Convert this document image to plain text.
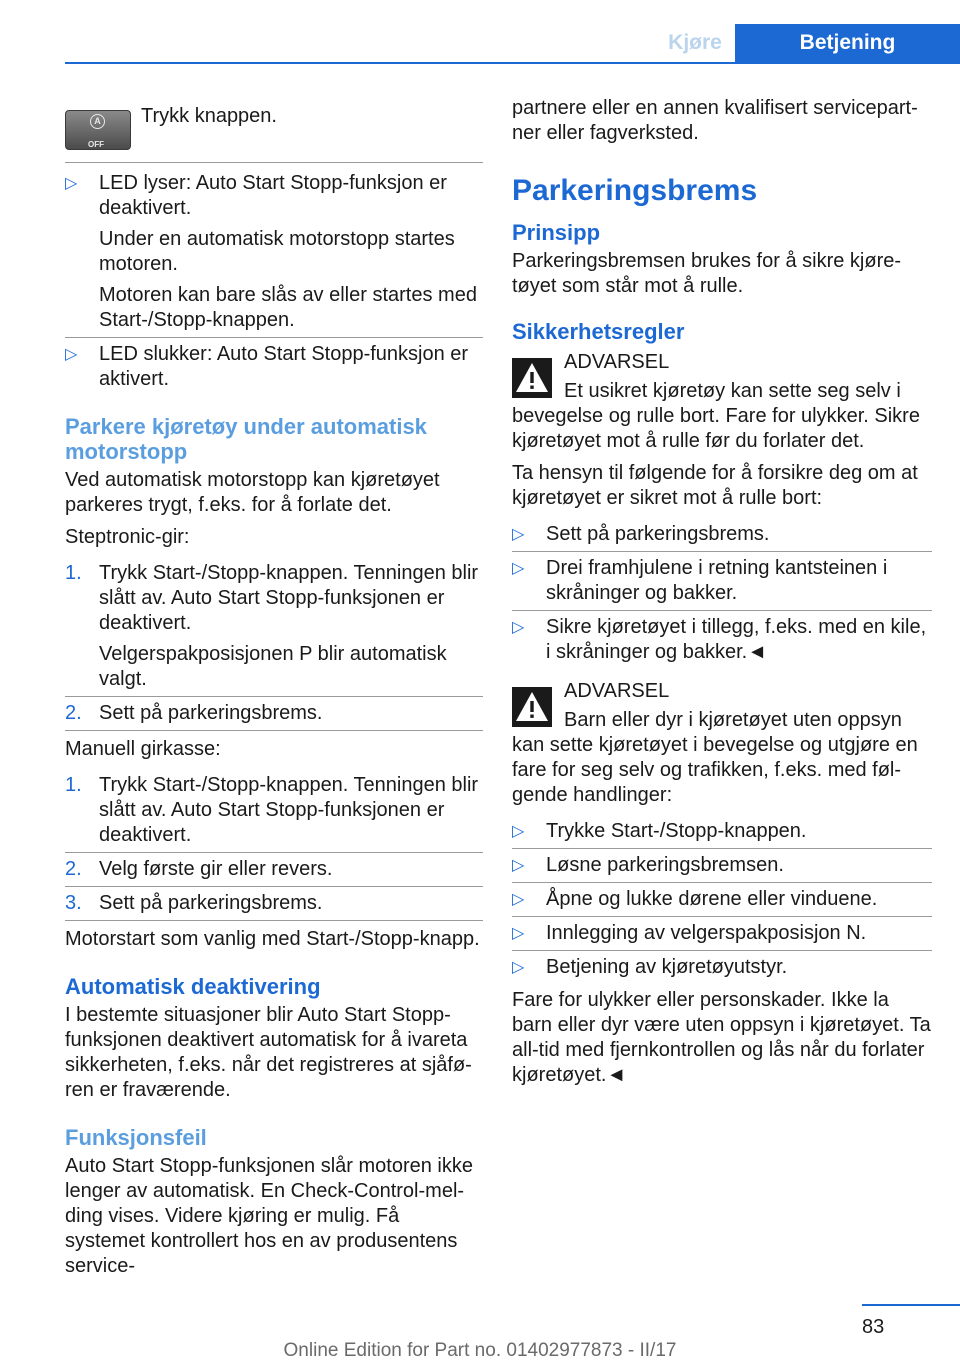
Kjøre	Betjening
A
OFF
Trykk knappen.
▷ LED lyser: Auto Start Stopp-funksjon er deaktivert.
Under en automatisk motorstopp startes motoren.
Motoren kan bare slås av eller startes med Start-/Stopp-knappen.
▷ LED slukker: Auto Start Stopp-funksjon er aktivert.
Parkere kjøretøy under automatisk motorstopp

Ved automatisk motorstopp kan kjøretøyet parkeres trygt, f.eks. for å forlate det.

Steptronic-gir:

1. Trykk Start-/Stopp-knappen. Tenningen blir slått av. Auto Start Stopp-funksjonen er deaktivert.
Velgerspakposisjonen P blir automatisk valgt.
2. Sett på parkeringsbrems.

Manuell girkasse:

1. Trykk Start-/Stopp-knappen. Tenningen blir slått av. Auto Start Stopp-funksjonen er deaktivert.
2. Velg første gir eller revers.
3. Sett på parkeringsbrems.

Motorstart som vanlig med Start-/Stopp-knapp.

Automatisk deaktivering

I bestemte situasjoner blir Auto Start Stopp-funksjonen deaktivert automatisk for å ivareta sikkerheten, f.eks. når det registreres at sjåfø-ren er fraværende.

Funksjonsfeil

Auto Start Stopp-funksjonen slår motoren ikke lenger av automatisk. En Check-Control-mel-ding vises. Videre kjøring er mulig. Få systemet kontrollert hos en av produsentens service-

partnere eller en annen kvalifisert servicepart-ner eller fagverksted.

Parkeringsbrems
Prinsipp

Parkeringsbremsen brukes for å sikre kjøre-tøyet som står mot å rulle.

Sikkerhetsregler
ADVARSEL

Et usikret kjøretøy kan sette seg selv i bevegelse og rulle bort. Fare for ulykker. Sikre kjøretøyet mot å rulle før du forlater det.

Ta hensyn til følgende for å forsikre deg om at kjøretøyet er sikret mot å rulle bort:

▷ Sett på parkeringsbrems.
▷ Drei framhjulene i retning kantsteinen i skråninger og bakker.
▷ Sikre kjøretøyet i tillegg, f.eks. med en kile, i skråninger og bakker.◄
ADVARSEL

Barn eller dyr i kjøretøyet uten oppsyn kan sette kjøretøyet i bevegelse og utgjøre en fare for seg selv og trafikken, f.eks. med føl-gende handlinger:

▷ Trykke Start-/Stopp-knappen.
▷ Løsne parkeringsbremsen.
▷ Åpne og lukke dørene eller vinduene.
▷ Innlegging av velgerspakposisjon N.
▷ Betjening av kjøretøyutstyr.

Fare for ulykker eller personskader. Ikke la barn eller dyr være uten oppsyn i kjøretøyet. Ta all-tid med fjernkontrollen og lås når du forlater kjøretøyet.◄

83
Online Edition for Part no. 01402977873 - II/17
